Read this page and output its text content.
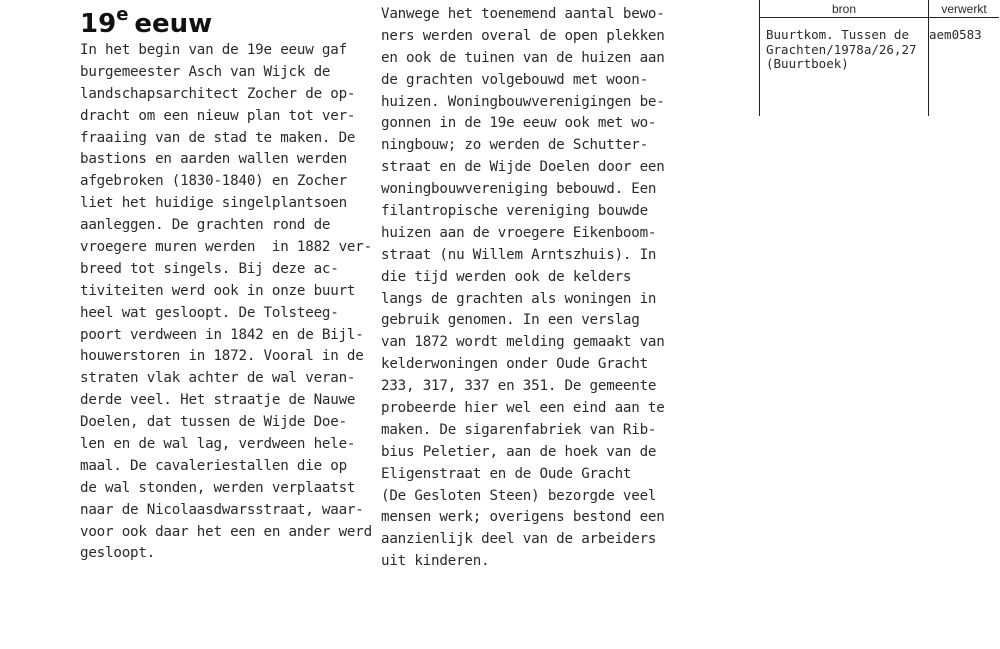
19e eeuw
In het begin van de 19e eeuw gaf
burgemeester Asch van Wijck de
landschapsarchitect Zocher de op-
dracht om een nieuw plan tot ver-
fraaiing van de stad te maken. De
bastions en aarden wallen werden
afgebroken (1830-1840) en Zocher
liet het huidige singelplantsoen
aanleggen. De grachten rond de
vroegere muren werden  in 1882 ver-
breed tot singels. Bij deze ac-
tiviteiten werd ook in onze buurt
heel wat gesloopt. De Tolsteeg-
poort verdween in 1842 en de Bijl-
houwerstoren in 1872. Vooral in de
straten vlak achter de wal veran-
derde veel. Het straatje de Nauwe
Doelen, dat tussen de Wijde Doe-
len en de wal lag, verdween hele-
maal. De cavaleriestallen die op
de wal stonden, werden verplaatst
naar de Nicolaasdwarsstraat, waar-
voor ook daar het een en ander werd
gesloopt.
Vanwege het toenemend aantal bewo-
ners werden overal de open plekken
en ook de tuinen van de huizen aan
de grachten volgebouwd met woon-
huizen. Woningbouwverenigingen be-
gonnen in de 19e eeuw ook met wo-
ningbouw; zo werden de Schutter-
straat en de Wijde Doelen door een
woningbouwvereniging bebouwd. Een
filantropische vereniging bouwde
huizen aan de vroegere Eikenboom-
straat (nu Willem Arntszhuis). In
die tijd werden ook de kelders
langs de grachten als woningen in
gebruik genomen. In een verslag
van 1872 wordt melding gemaakt van
kelderwoningen onder Oude Gracht
233, 317, 337 en 351. De gemeente
probeerde hier wel een eind aan te
maken. De sigarenfabriek van Rib-
bius Peletier, aan de hoek van de
Eligenstraat en de Oude Gracht
(De Gesloten Steen) bezorgde veel
mensen werk; overigens bestond een
aanzienlijk deel van de arbeiders
uit kinderen.
bron	verwerkt

Buurtkom. Tussen de
Grachten/1978a/26,27
(Buurtboek)	aem0583
